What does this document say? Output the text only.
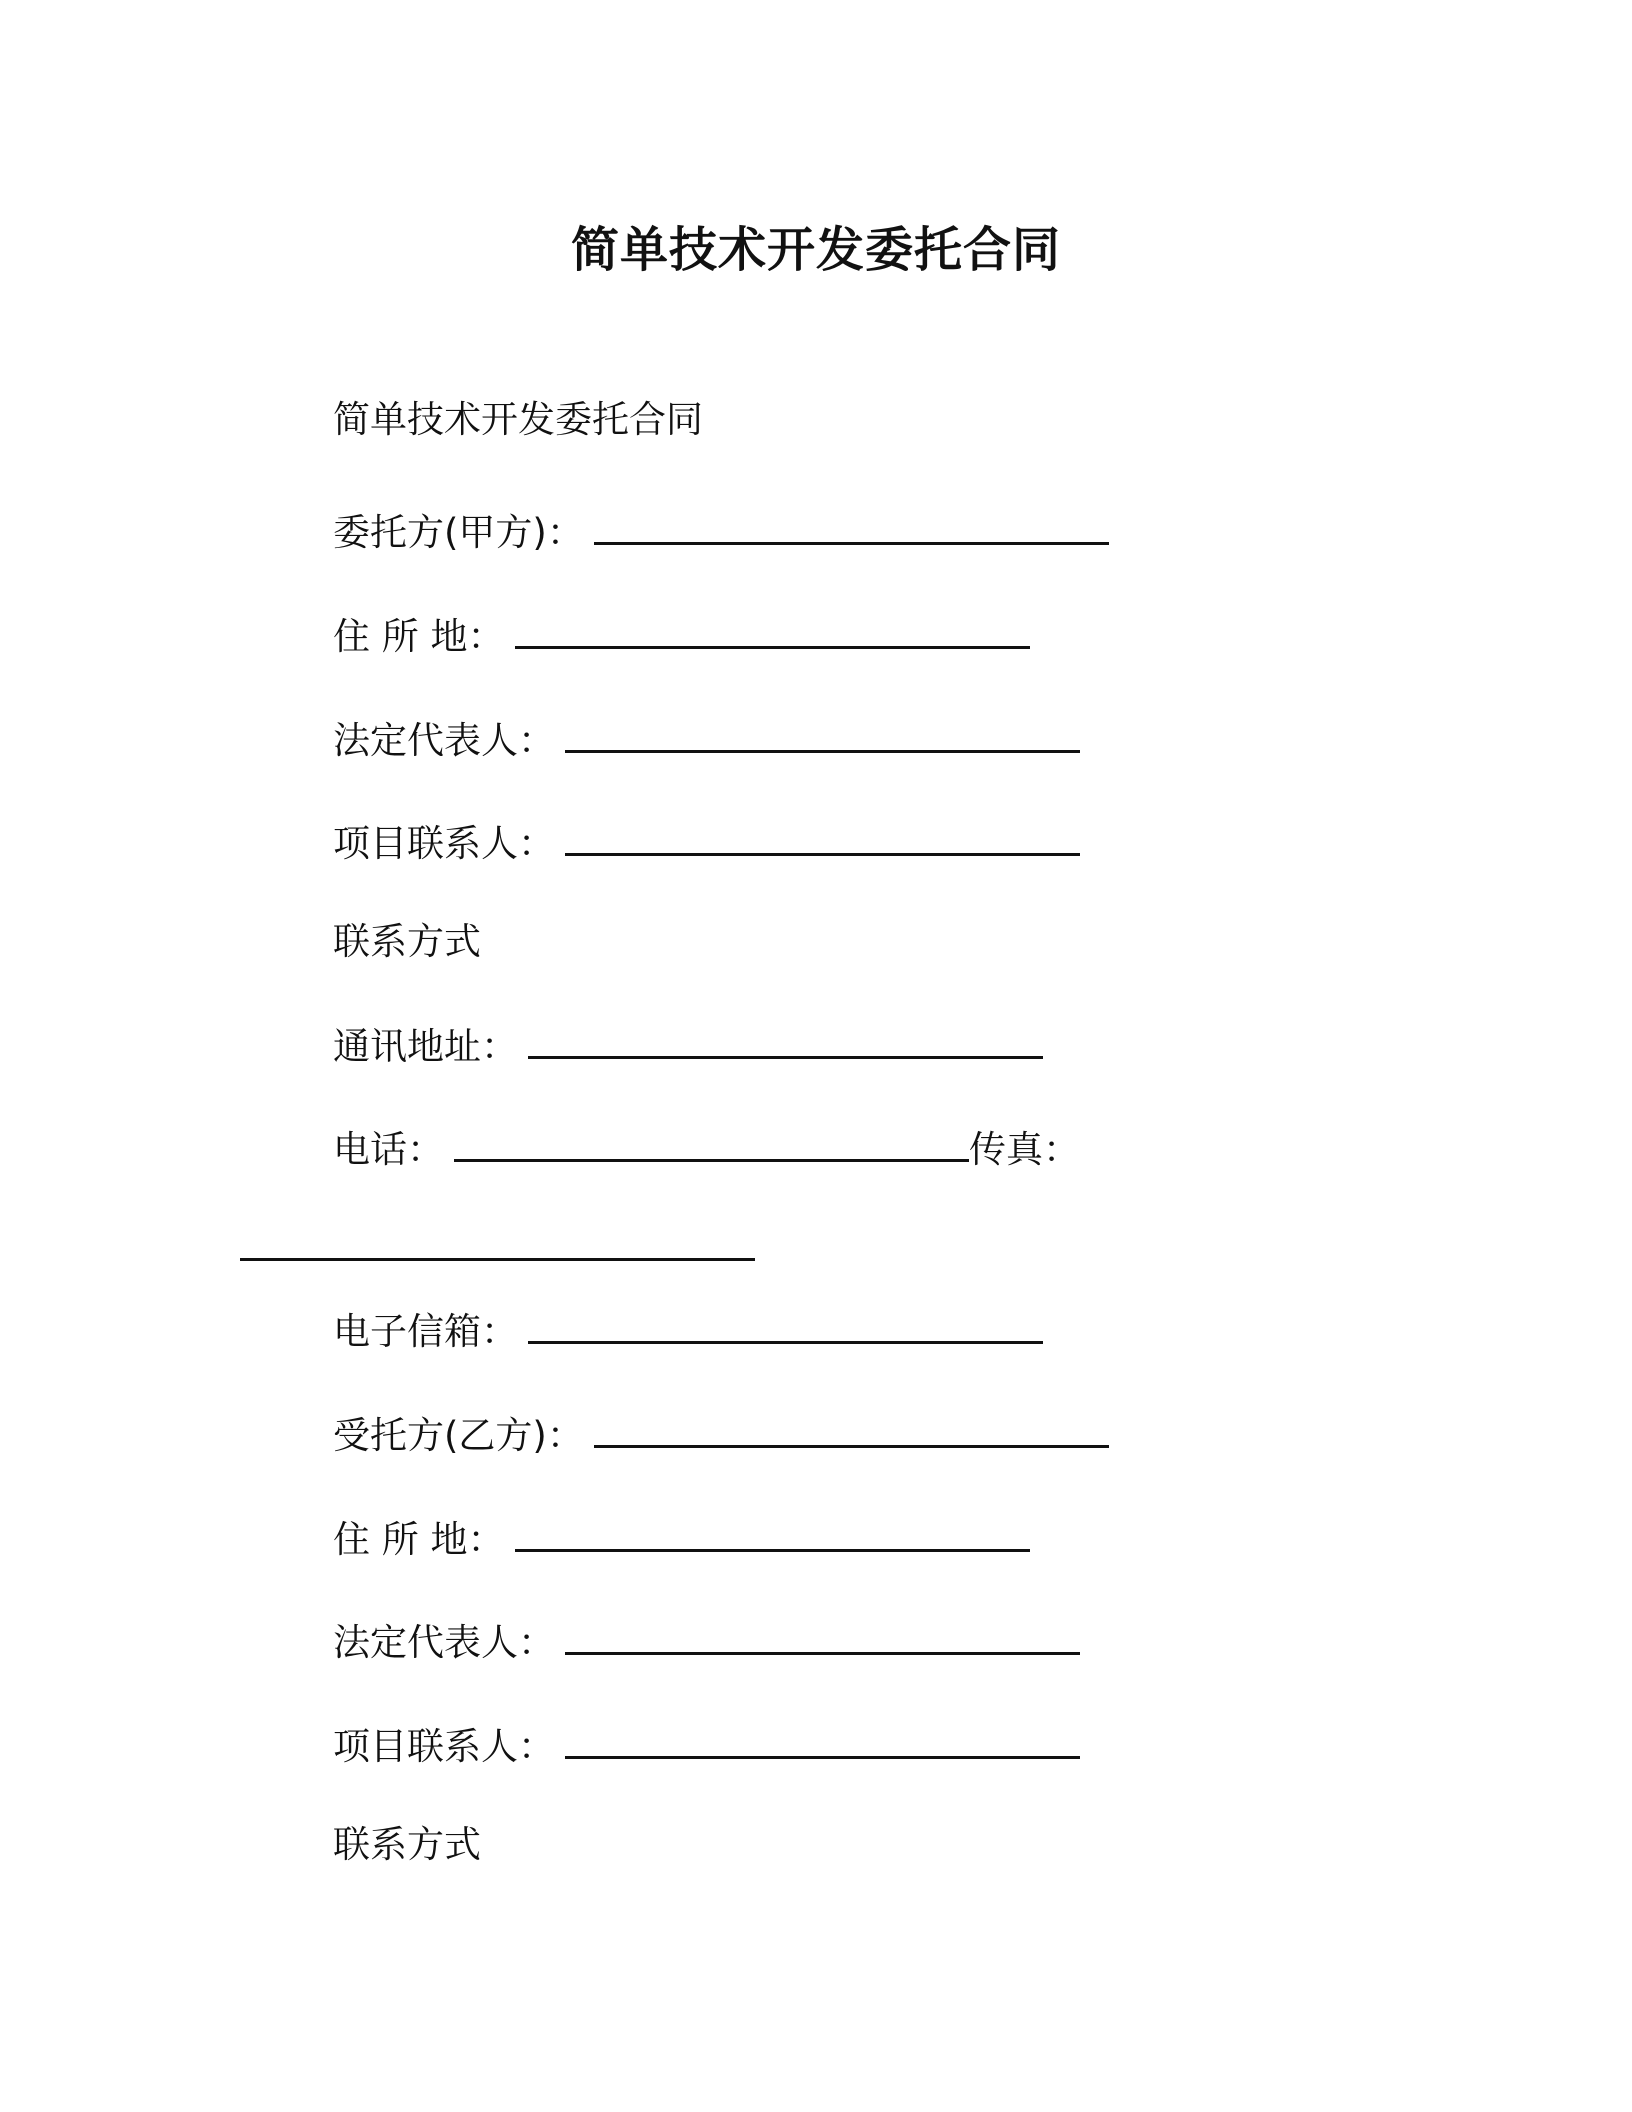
简单技术开发委托合同
简单技术开发委托合同
委托方(甲方)：
住 所 地：
法定代表人：
项目联系人：
联系方式
通讯地址：
电话：	传真：
电子信箱：
受托方(乙方)：
住 所 地：
法定代表人：
项目联系人：
联系方式
